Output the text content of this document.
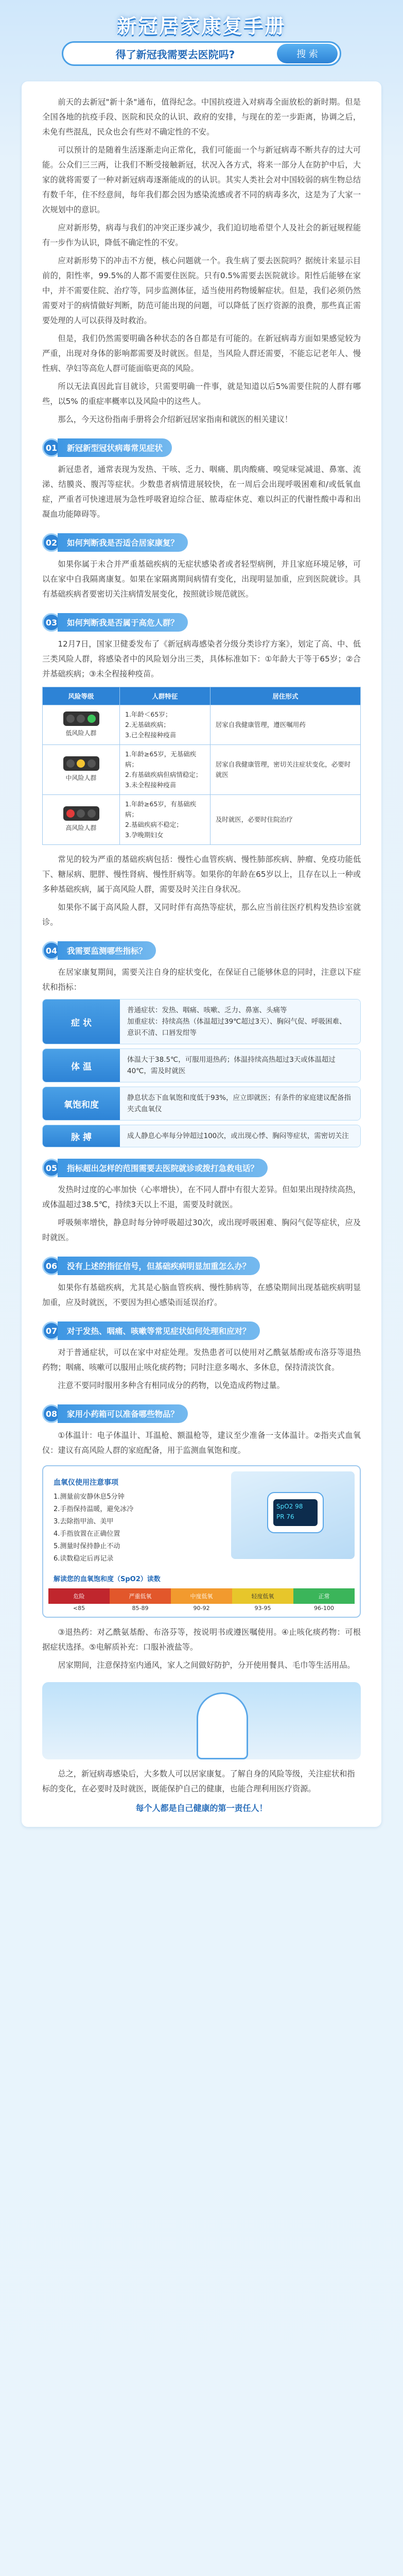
新冠居家康复手册
得了新冠我需要去医院吗?	搜 索

前天的去新冠"新十条"通布，值得纪念。中国抗疫进入对病毒全面放松的新时期。但是全国各地的抗疫手段、医院和民众的认识、政府的安排，与现在的差一步距离，协调之后，未免有些混乱，民众也会有些对不确定性的不安。

可以预计的是随着生活逐渐走向正常化，我们可能面一个与新冠病毒不断共存的过大可能。公众们三三两，让我们不断受接触新冠，状况入各方式，将来一部分人在防护中后，大家的就将需要了一种对新冠病毒逐渐能成的的认识。其实人类社会对中国较弱的病生物总结有数千年，住不经意间，每年我们都会因为感染流感或者不同的病毒多次，这是为了大家一次规划中的意识。

应对新形势，病毒与我们的冲突正逐步减少，我们迫切地希望个人及社会的新冠规程能有一步作为认识，降低不确定性的不安。

应对新形势下的冲击不方便，核心问题就一个。我生病了要去医院吗？据统计来显示目前的，阳性率，99.5%的人都不需要住医院。只有0.5%需要去医院就诊。阳性后能够在家中，并不需要住院、治疗等，同步监测体征，适当使用药物缓解症状。但是，我们必须仍然需要对于的病情做好判断，防范可能出现的问题，可以降低了医疗资源的浪费，那些真正需要处理的人可以获得及时救治。

但是，我们仍然需要明确各种状态的各自都是有可能的。在新冠病毒方面如果感觉较为严重，出现对身体的影响都需要及时就医。但是，当风险人群还需要，不能忘记老年人、慢性病、孕妇等高危人群可能面临更高的风险。

所以无法真因此盲目就诊，只需要明确一件事，就是知道以后5%需要住院的人群有哪些，以5% 的重症率概率以及风险中的这些人。

那么，今天这份指南手册将会介绍新冠居家指南和就医的相关建议！

01	新冠新型冠状病毒常见症状

新冠患者，通常表现为发热、干咳、乏力、咽痛、肌肉酸痛、嗅觉味觉减退、鼻塞、流涕、结膜炎、腹泻等症状。少数患者病情进展较快，在一周后会出现呼吸困难和/或低氧血症，严重者可快速进展为急性呼吸窘迫综合征、脓毒症休克、难以纠正的代谢性酸中毒和出凝血功能障碍等。

02	如何判断我是否适合居家康复？

如果你属于未合并严重基础疾病的无症状感染者或者轻型病例，并且家庭环境足够，可以在家中自我隔离康复。如果在家隔离期间病情有变化，出现明显加重，应到医院就诊。具有基础疾病者要密切关注病情发展变化，按照就诊规范就医。

03	如何判断我是否属于高危人群？

12月7日，国家卫健委发布了《新冠病毒感染者分级分类诊疗方案》，划定了高、中、低三类风险人群，将感染者中的风险划分出三类，具体标准如下：①年龄大于等于65岁；②合并基础疾病；③未全程接种疫苗。

风险等级	人群特征	居住形式

低风险人群	1.年龄＜65岁；
2.无基础疾病；
3.已全程接种疫苗	居家自我健康管理，遵医嘱用药

中风险人群	1.年龄≥65岁，无基础疾病；
2.有基础疾病但病情稳定；
3.未全程接种疫苗	居家自我健康管理，密切关注症状变化，必要时就医

高风险人群	1.年龄≥65岁，有基础疾病；
2.基础疾病不稳定；
3.孕晚期妇女	及时就医，必要时住院治疗

常见的较为严重的基础疾病包括：慢性心血管疾病、慢性肺部疾病、肿瘤、免疫功能低下、糖尿病、肥胖、慢性肾病、慢性肝病等。如果你的年龄在65岁以上，且存在以上一种或多种基础疾病，属于高风险人群，需要及时关注自身状况。

如果你不属于高风险人群，又同时伴有高热等症状，那么应当前往医疗机构发热诊室就诊。

04	我需要监测哪些指标？

在居家康复期间，需要关注自身的症状变化，在保证自己能够休息的同时，注意以下症状和指标：

症 状
普通症状：发热、咽痛、咳嗽、乏力、鼻塞、头痛等
加重症状：持续高热（体温超过39℃超过3天）、胸闷气促、呼吸困难、意识不清、口唇发绀等
体 温
体温大于38.5℃，可服用退热药；体温持续高热超过3天或体温超过40℃，需及时就医
氧饱和度
静息状态下血氧饱和度低于93%，应立即就医；有条件的家庭建议配备指夹式血氧仪
脉 搏	成人静息心率每分钟超过100次，或出现心悸、胸闷等症状，需密切关注
05	指标超出怎样的范围需要去医院就诊或拨打急救电话？

发热时过度的心率加快（心率增快），在不同人群中有很大差异。但如果出现持续高热，或体温超过38.5℃，持续3天以上不退，需要及时就医。

呼吸频率增快，静息时每分钟呼吸超过30次，或出现呼吸困难、胸闷气促等症状，应及时就医。

06	没有上述的指征信号，但基础疾病明显加重怎么办？

如果你有基础疾病，尤其是心脑血管疾病、慢性肺病等，在感染期间出现基础疾病明显加重，应及时就医，不要因为担心感染而延误治疗。

07	对于发热、咽痛、咳嗽等常见症状如何处理和应对？

对于普通症状，可以在家中对症处理。发热患者可以使用对乙酰氨基酚或布洛芬等退热药物；咽痛、咳嗽可以服用止咳化痰药物；同时注意多喝水、多休息，保持清淡饮食。

注意不要同时服用多种含有相同成分的药物，以免造成药物过量。

08	家用小药箱可以准备哪些物品？

①体温计：电子体温计、耳温枪、额温枪等，建议至少准备一支体温计。②指夹式血氧仪：建议有高风险人群的家庭配备，用于监测血氧饱和度。

血氧仪使用注意事项
1.测量前安静休息5分钟
2.手指保持温暖，避免冰冷
3.去除指甲油、美甲
4.手指放置在正确位置
5.测量时保持静止不动
6.读数稳定后再记录
SpO2 98
PR 76
解读您的血氧饱和度（SpO2）读数
危险	严重低氧	中度低氧	轻度低氧	正常
<85	85-89	90-92	93-95	96-100

③退热药：对乙酰氨基酚、布洛芬等，按说明书或遵医嘱使用。④止咳化痰药物：可根据症状选择。⑤电解质补充：口服补液盐等。

居家期间，注意保持室内通风，家人之间做好防护，分开使用餐具、毛巾等生活用品。

总之，新冠病毒感染后，大多数人可以居家康复。了解自身的风险等级，关注症状和指标的变化，在必要时及时就医，既能保护自己的健康，也能合理利用医疗资源。

每个人都是自己健康的第一责任人！
